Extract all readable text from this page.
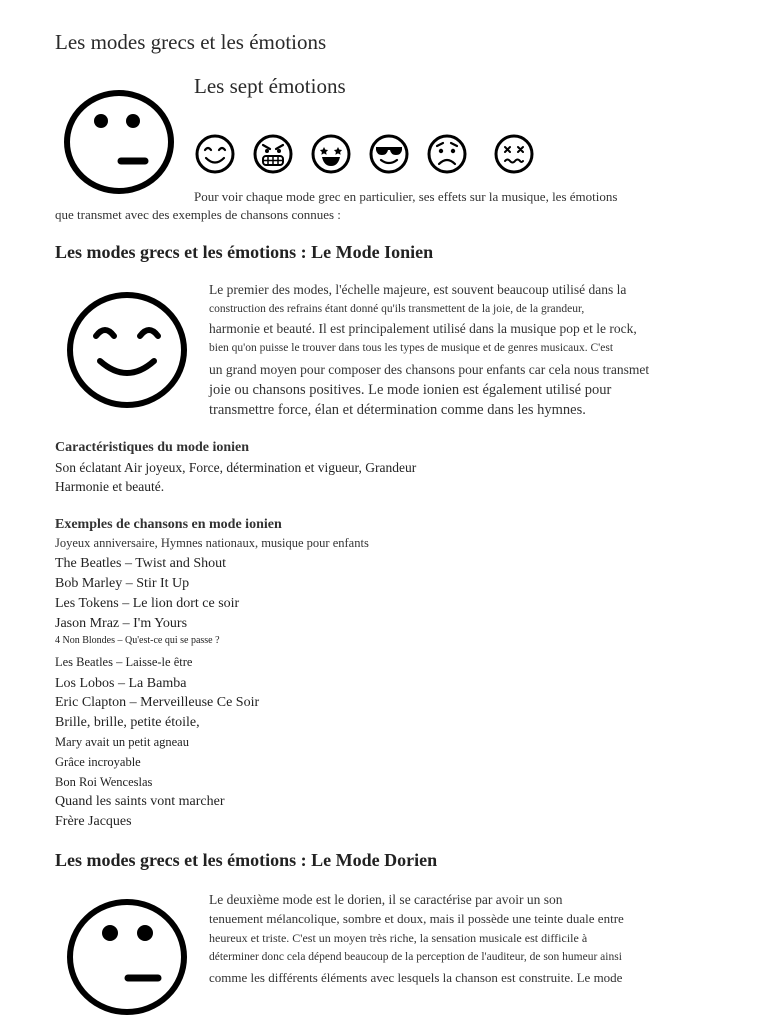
Les modes grecs et les émotions
Les sept émotions
Pour voir chaque mode grec en particulier, ses effets sur la musique, les émotions
que transmet avec des exemples de chansons connues :
Les modes grecs et les émotions : Le Mode Ionien
Le premier des modes, l'échelle majeure, est souvent beaucoup utilisé dans la
construction des refrains étant donné qu'ils transmettent de la joie, de la grandeur,
harmonie et beauté. Il est principalement utilisé dans la musique pop et le rock,
bien qu'on puisse le trouver dans tous les types de musique et de genres musicaux. C'est
un grand moyen pour composer des chansons pour enfants car cela nous transmet
joie ou chansons positives. Le mode ionien est également utilisé pour
transmettre force, élan et détermination comme dans les hymnes.
Caractéristiques du mode ionien
Son éclatant Air joyeux, Force, détermination et vigueur, Grandeur
Harmonie et beauté.
Exemples de chansons en mode ionien
Joyeux anniversaire, Hymnes nationaux, musique pour enfants
The Beatles – Twist and Shout
Bob Marley – Stir It Up
Les Tokens – Le lion dort ce soir
Jason Mraz – I'm Yours
4 Non Blondes – Qu'est-ce qui se passe ?
Les Beatles – Laisse-le être
Los Lobos – La Bamba
Eric Clapton – Merveilleuse Ce Soir
Brille, brille, petite étoile,
Mary avait un petit agneau
Grâce incroyable
Bon Roi Wenceslas
Quand les saints vont marcher
Frère Jacques
Les modes grecs et les émotions : Le Mode Dorien
Le deuxième mode est le dorien, il se caractérise par avoir un son
tenuement mélancolique, sombre et doux, mais il possède une teinte duale entre
heureux et triste. C'est un moyen très riche, la sensation musicale est difficile à
déterminer donc cela dépend beaucoup de la perception de l'auditeur, de son humeur ainsi
comme les différents éléments avec lesquels la chanson est construite. Le mode
